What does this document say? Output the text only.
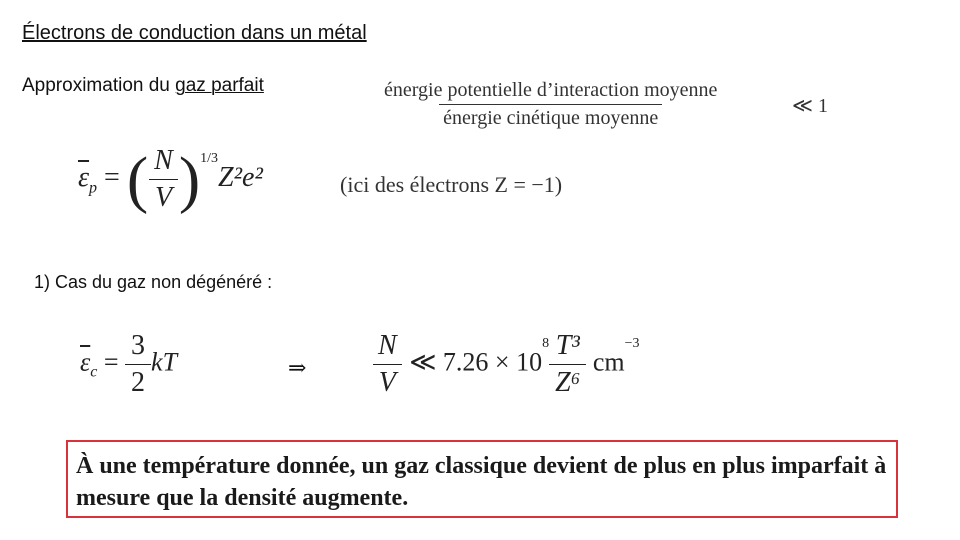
Électrons de conduction dans un métal
Approximation du gaz parfait	$\frac{\text{énergie potentielle d’interaction moyenne}}{\text{énergie cinétique moyenne}}$	≪ 1
$\overline{\varepsilon}_p$ = ( $\frac{N}{V} )^{1/3}Z^2e^2$	(ici des électrons Z = −1)
1) Cas du gaz non dégénéré :
$\overline{\varepsilon}_c = \frac{3}{2}$ kT	⇒ $\frac{N}{V}$ ≪ $7.26 \times 10^8 \frac{\text{T³}}{\text{Z⁶}} cm^{-3}$
À une température donnée, un gaz classique devient de plus en plus imparfait à mesure que la densité augmente.
